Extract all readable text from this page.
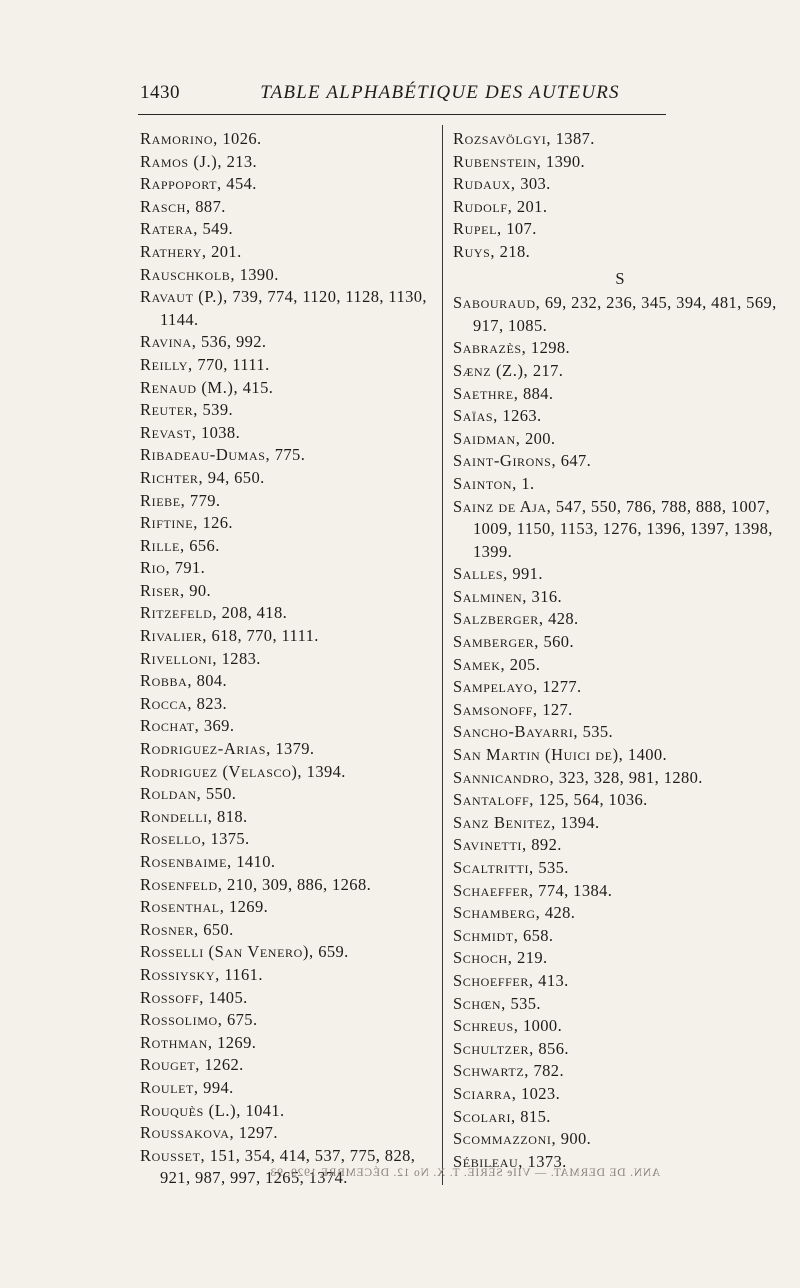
1430	TABLE ALPHABÉTIQUE DES AUTEURS
Ramorino, 1026.
Ramos (J.), 213.
Rappoport, 454.
Rasch, 887.
Ratera, 549.
Rathery, 201.
Rauschkolb, 1390.
Ravaut (P.), 739, 774, 1120, 1128, 1130, 1144.
Ravina, 536, 992.
Reilly, 770, 1111.
Renaud (M.), 415.
Reuter, 539.
Revast, 1038.
Ribadeau-Dumas, 775.
Richter, 94, 650.
Riebe, 779.
Riftine, 126.
Rille, 656.
Rio, 791.
Riser, 90.
Ritzefeld, 208, 418.
Rivalier, 618, 770, 1111.
Rivelloni, 1283.
Robba, 804.
Rocca, 823.
Rochat, 369.
Rodriguez-Arias, 1379.
Rodriguez (Velasco), 1394.
Roldan, 550.
Rondelli, 818.
Rosello, 1375.
Rosenbaime, 1410.
Rosenfeld, 210, 309, 886, 1268.
Rosenthal, 1269.
Rosner, 650.
Rosselli (San Venero), 659.
Rossiysky, 1161.
Rossoff, 1405.
Rossolimo, 675.
Rothman, 1269.
Rouget, 1262.
Roulet, 994.
Rouquès (L.), 1041.
Roussakova, 1297.
Rousset, 151, 354, 414, 537, 775, 828, 921, 987, 997, 1265, 1374.
Rozsavölgyi, 1387.
Rubenstein, 1390.
Rudaux, 303.
Rudolf, 201.
Rupel, 107.
Ruys, 218.
S
Sabouraud, 69, 232, 236, 345, 394, 481, 569, 917, 1085.
Sabrazès, 1298.
Sænz (Z.), 217.
Saethre, 884.
Saïas, 1263.
Saidman, 200.
Saint-Girons, 647.
Sainton, 1.
Sainz de Aja, 547, 550, 786, 788, 888, 1007, 1009, 1150, 1153, 1276, 1396, 1397, 1398, 1399.
Salles, 991.
Salminen, 316.
Salzberger, 428.
Samberger, 560.
Samek, 205.
Sampelayo, 1277.
Samsonoff, 127.
Sancho-Bayarri, 535.
San Martin (Huici de), 1400.
Sannicandro, 323, 328, 981, 1280.
Santaloff, 125, 564, 1036.
Sanz Benitez, 1394.
Savinetti, 892.
Scaltritti, 535.
Schaeffer, 774, 1384.
Schamberg, 428.
Schmidt, 658.
Schoch, 219.
Schoeffer, 413.
Schœn, 535.
Schreus, 1000.
Schultzer, 856.
Schwartz, 782.
Sciarra, 1023.
Scolari, 815.
Scommazzoni, 900.
Sébileau, 1373.
ANN. DE DERMAT. — VIIe SÉRIE. T. X. No 12. DÉCEMBRE 1929. 93
